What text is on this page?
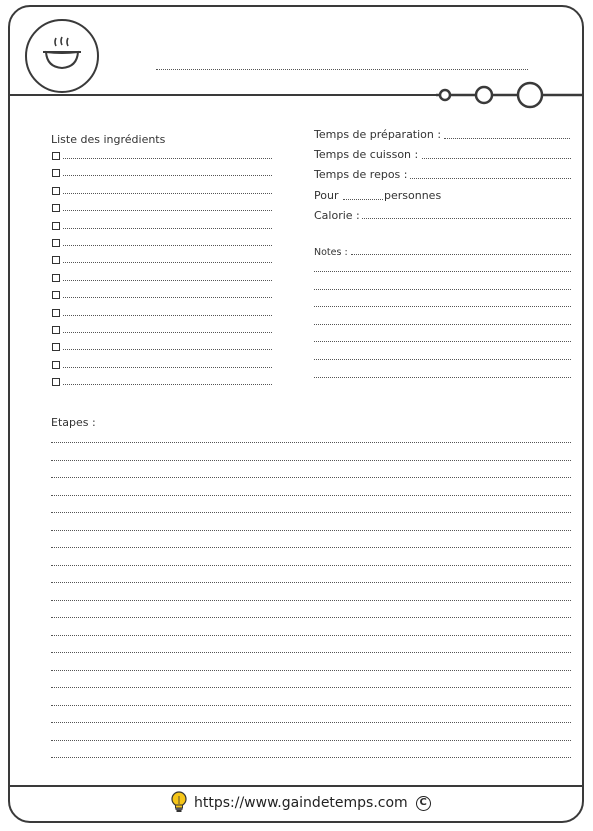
Liste des ingrédients	Temps de préparation :
Temps de cuisson :
Temps de repos :
Pour	personnes
Calorie :
Notes :
Etapes :
https://www.gaindetemps.com	C
